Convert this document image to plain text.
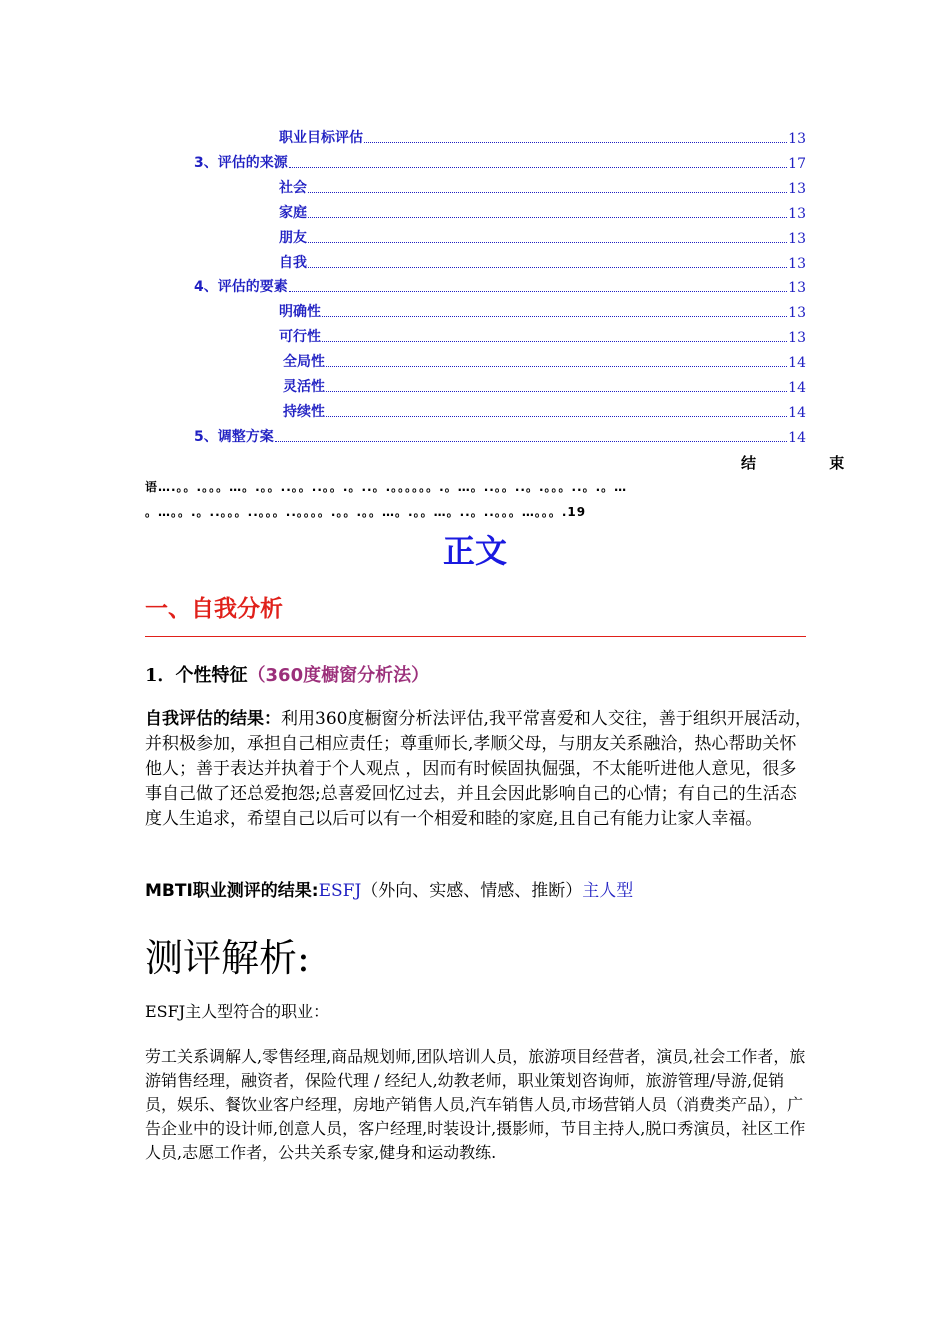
职业目标评估	13
3、评估的来源	17
社会	13
家庭	13
朋友	13
自我	13
4、评估的要素	13
明确性	13
可行性	13
全局性	14
灵活性	14
持续性	14
5、调整方案	14
结 束
语….。。.。。。…。.。。..。。..。。.。..。.。。。。。。.。…。..。。..。.。。。..。.。…
。…。。.。..。。。..。。。..。。。。.。。.。。…。.。。…。..。..。。。…。。。.19
正文
一、自我分析
1．个性特征（360度橱窗分析法）
自我评估的结果：利用360度橱窗分析法评估,我平常喜爱和人交往，善于组织开展活动，并积极参加，承担自己相应责任；尊重师长,孝顺父母，与朋友关系融洽，热心帮助关怀他人；善于表达并执着于个人观点 ，因而有时候固执倔强，不太能听进他人意见，很多事自己做了还总爱抱怨;总喜爱回忆过去，并且会因此影响自己的心情；有自己的生活态度人生追求，希望自己以后可以有一个相爱和睦的家庭,且自己有能力让家人幸福。
MBTI职业测评的结果:ESFJ（外向、实感、情感、推断）主人型
测评解析:
ESFJ主人型符合的职业：
劳工关系调解人,零售经理,商品规划师,团队培训人员，旅游项目经营者，演员,社会工作者，旅游销售经理，融资者，保险代理 / 经纪人,幼教老师，职业策划咨询师，旅游管理/导游,促销员，娱乐、餐饮业客户经理，房地产销售人员,汽车销售人员,市场营销人员（消费类产品），广告企业中的设计师,创意人员，客户经理,时装设计,摄影师，节目主持人,脱口秀演员，社区工作人员,志愿工作者，公共关系专家,健身和运动教练.
